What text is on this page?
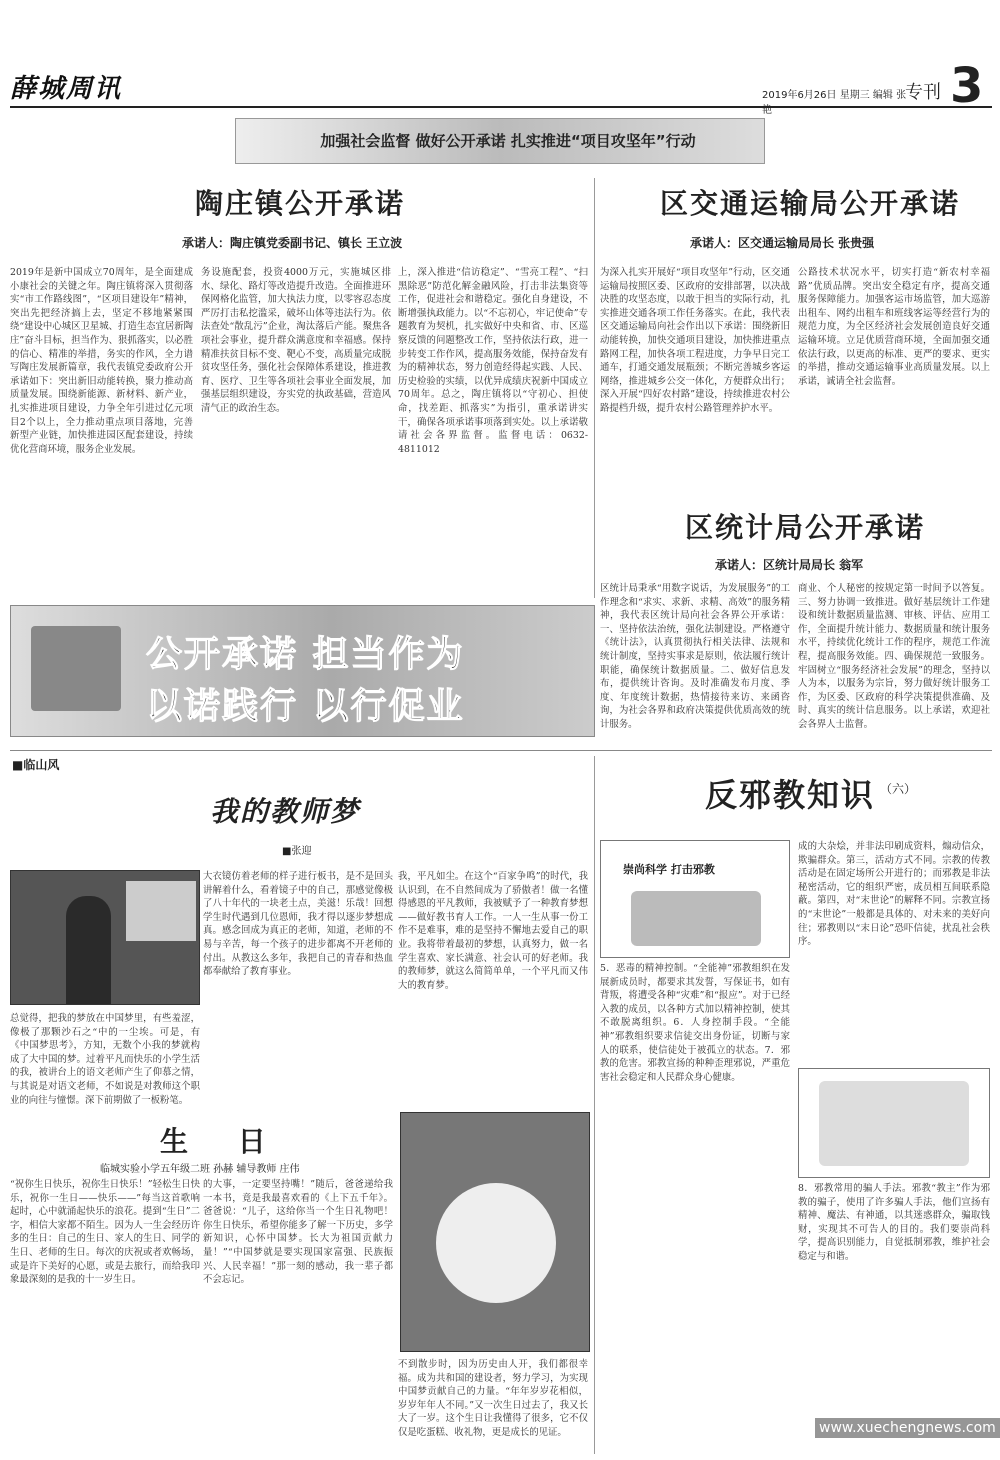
薛城周讯	2019年6月26日 星期三 编辑 张艳
专刊 3
加强社会监督 做好公开承诺 扎实推进“项目攻坚年”行动
陶庄镇公开承诺
承诺人：陶庄镇党委副书记、镇长 王立波
2019年是新中国成立70周年，是全面建成小康社会的关键之年。陶庄镇将深入贯彻落实“市工作路线图”，“区项目建设年”精神，突出先把经济搞上去，坚定不移地紧紧围绕“建设中心城区卫星城、打造生态宜居新陶庄”奋斗目标，担当作为、狠抓落实，以必胜的信心、精准的举措，务实的作风，全力谱写陶庄发展新篇章，我代表镇党委政府公开承诺如下：突出新旧动能转换，聚力推动高质量发展。围绕新能源、新材料、新产业，扎实推进项目建设，力争全年引进过亿元项目2个以上，全力推动重点项目落地，完善新型产业链，加快推进园区配套建设，持续优化营商环境，服务企业发展。
务设施配套，投资4000万元，实施城区排水、绿化、路灯等改造提升改造。全面推进环保网格化监管，加大执法力度，以零容忍态度严厉打击私挖滥采，破坏山体等违法行为。依法查处“散乱污”企业，淘汰落后产能。聚焦各项社会事业，提升群众满意度和幸福感。保持精准扶贫目标不变、靶心不变，高质量完成脱贫攻坚任务，强化社会保障体系建设，推进教育、医疗、卫生等各项社会事业全面发展，加强基层组织建设，夯实党的执政基础，营造风清气正的政治生态。
上，深入推进“信访稳定”、“雪亮工程”、“扫黑除恶”防范化解金融风险，打击非法集资等工作，促进社会和谐稳定。强化自身建设，不断增强执政能力。以“不忘初心，牢记使命”专题教育为契机，扎实做好中央和省、市、区巡察反馈的问题整改工作，坚持依法行政，进一步转变工作作风，提高服务效能，保持奋发有为的精神状态，努力创造经得起实践、人民、历史检验的实绩，以优异成绩庆祝新中国成立70周年。总之，陶庄镇将以“守初心、担使命，找差距、抓落实”为指引，重承诺讲实干，确保各项承诺事项落到实处。以上承诺敬请社会各界监督。监督电话：0632-4811012
区交通运输局公开承诺
承诺人：区交通运输局局长 张贵强
为深入扎实开展好“项目攻坚年”行动，区交通运输局按照区委、区政府的安排部署，以决战决胜的攻坚态度，以敢于担当的实际行动，扎实推进交通各项工作任务落实。在此，我代表区交通运输局向社会作出以下承诺：围绕新旧动能转换，加快交通项目建设，加快推进重点路网工程，加快各项工程进度，力争早日完工通车，打通交通发展瓶颈；不断完善城乡客运网络，推进城乡公交一体化，方便群众出行；深入开展“四好农村路”建设，持续推进农村公路提档升级，提升农村公路管理养护水平。
公路技术状况水平，切实打造“新农村幸福路”优质品牌。突出安全稳定有序，提高交通服务保障能力。加强客运市场监管，加大巡游出租车、网约出租车和班线客运等经营行为的规范力度，为全区经济社会发展创造良好交通运输环境。立足优质营商环境，全面加强交通依法行政，以更高的标准、更严的要求、更实的举措，推动交通运输事业高质量发展。以上承诺，诚请全社会监督。
区统计局公开承诺
承诺人：区统计局局长 翁军
区统计局秉承“用数字说话，为发展服务”的工作理念和“求实、求新、求精、高效”的服务精神，我代表区统计局向社会各界公开承诺：一、坚持依法治统，强化法制建设。严格遵守《统计法》，认真贯彻执行相关法律、法规和统计制度，坚持实事求是原则，依法履行统计职能，确保统计数据质量。二、做好信息发布，提供统计咨询。及时准确发布月度、季度、年度统计数据，热情接待来访、来函咨询，为社会各界和政府决策提供优质高效的统计服务。
商业、个人秘密的按规定第一时间予以答复。三、努力协调一致推进。做好基层统计工作建设和统计数据质量监测、审核、评估、应用工作，全面提升统计能力、数据质量和统计服务水平，持续优化统计工作的程序，规范工作流程，提高服务效能。四、确保规范一致服务。牢固树立“服务经济社会发展”的理念，坚持以人为本，以服务为宗旨，努力做好统计服务工作，为区委、区政府的科学决策提供准确、及时、真实的统计信息服务。以上承诺，欢迎社会各界人士监督。
公开承诺 担当作为
以诺践行 以行促业
■临山风
我的教师梦
■张迎
总觉得，把我的梦放在中国梦里，有些羞涩，像极了那颗沙石之“中的一尘埃。可是，有《中国梦思考》，方知，无数个小我的梦就构成了大中国的梦。过着平凡而快乐的小学生活的我，被讲台上的语文老师产生了仰慕之情，与其说是对语文老师，不如说是对教师这个职业的向往与憧憬。深下前期做了一板粉笔。
大衣镜仿着老师的样子进行板书，是不是回头讲解着什么，看着镜子中的自己，那感觉像极了八十年代的一块老土点，美滋！乐哉！回想学生时代遇到几位恩师，我才得以逐步梦想成真。感念回成为真正的老师，知道，老师的不易与辛苦，每一个孩子的进步都离不开老师的付出。从教这么多年，我把自己的青春和热血都奉献给了教育事业。
我，平凡如尘。在这个“百家争鸣”的时代，我认识到，在不自然间成为了骄傲者！做一名懂得感恩的平凡教师，我被赋予了一种教育梦想——做好教书育人工作。一人一生从事一份工作不是难事，难的是坚持不懈地去爱自己的职业。我将带着最初的梦想，认真努力，做一名学生喜欢、家长满意、社会认可的好老师。我的教师梦，就这么简简单单，一个平凡而又伟大的教育梦。
生 日
临城实验小学五年级二班 孙赫 辅导教师 庄伟
“祝你生日快乐，祝你生日快乐！”轻松生日快乐，祝你一生日——快乐——”每当这首歌响起时，心中就涌起快乐的浪花。提到“生日”二字，相信大家都不陌生。因为人一生会经历许多的生日：自己的生日、家人的生日、同学的生日、老师的生日。每次的庆祝或者欢畅场，或是许下美好的心愿，或是去旅行，而给我印象最深刻的是我的十一岁生日。
的大事，一定要坚持嘴！”随后，爸爸递给我一本书，竟是我最喜欢看的《上下五千年》。爸爸说：“儿子，这给你当一个生日礼物吧！你生日快乐，希望你能多了解一下历史，多学新知识，心怀中国梦。长大为祖国贡献力量！”“中国梦就是要实现国家富强、民族振兴、人民幸福！”那一刻的感动，我一辈子都不会忘记。
不到散步时，因为历史由人开，我们都很幸福。成为共和国的建设者，努力学习，为实现中国梦贡献自己的力量。“年年岁岁花相似，岁岁年年人不同。”又一次生日过去了，我又长大了一岁。这个生日让我懂得了很多，它不仅仅是吃蛋糕、收礼物，更是成长的见证。
反邪教知识 （六）
崇尚科学 打击邪教
5．恶毒的精神控制。“全能神”邪教组织在发展新成员时，都要求其发誓，写保证书，如有背叛，将遭受各种“灾难”和“报应”。对于已经入教的成员，以各种方式加以精神控制，使其不敢脱离组织。6．人身控制手段。“全能神”邪教组织要求信徒交出身份证，切断与家人的联系，使信徒处于被孤立的状态。7．邪教的危害。邪教宣扬的种种歪理邪说，严重危害社会稳定和人民群众身心健康。
成的大杂烩，并非法印刷成资料，煽动信众，欺骗群众。第三，活动方式不同。宗教的传教活动是在固定场所公开进行的；而邪教是非法秘密活动，它的组织严密，成员相互间联系隐蔽。第四，对“末世论”的解释不同。宗教宣扬的“末世论”一般都是具体的、对未来的美好向往；邪教则以“末日论”恐吓信徒，扰乱社会秩序。
8．邪教常用的骗人手法。邪教“教主”作为邪教的骗子，使用了许多骗人手法，他们宣扬有精神、魔法、有神通，以其迷惑群众，骗取钱财，实现其不可告人的目的。我们要崇尚科学，提高识别能力，自觉抵制邪教，维护社会稳定与和谐。
www.xuechengnews.com
